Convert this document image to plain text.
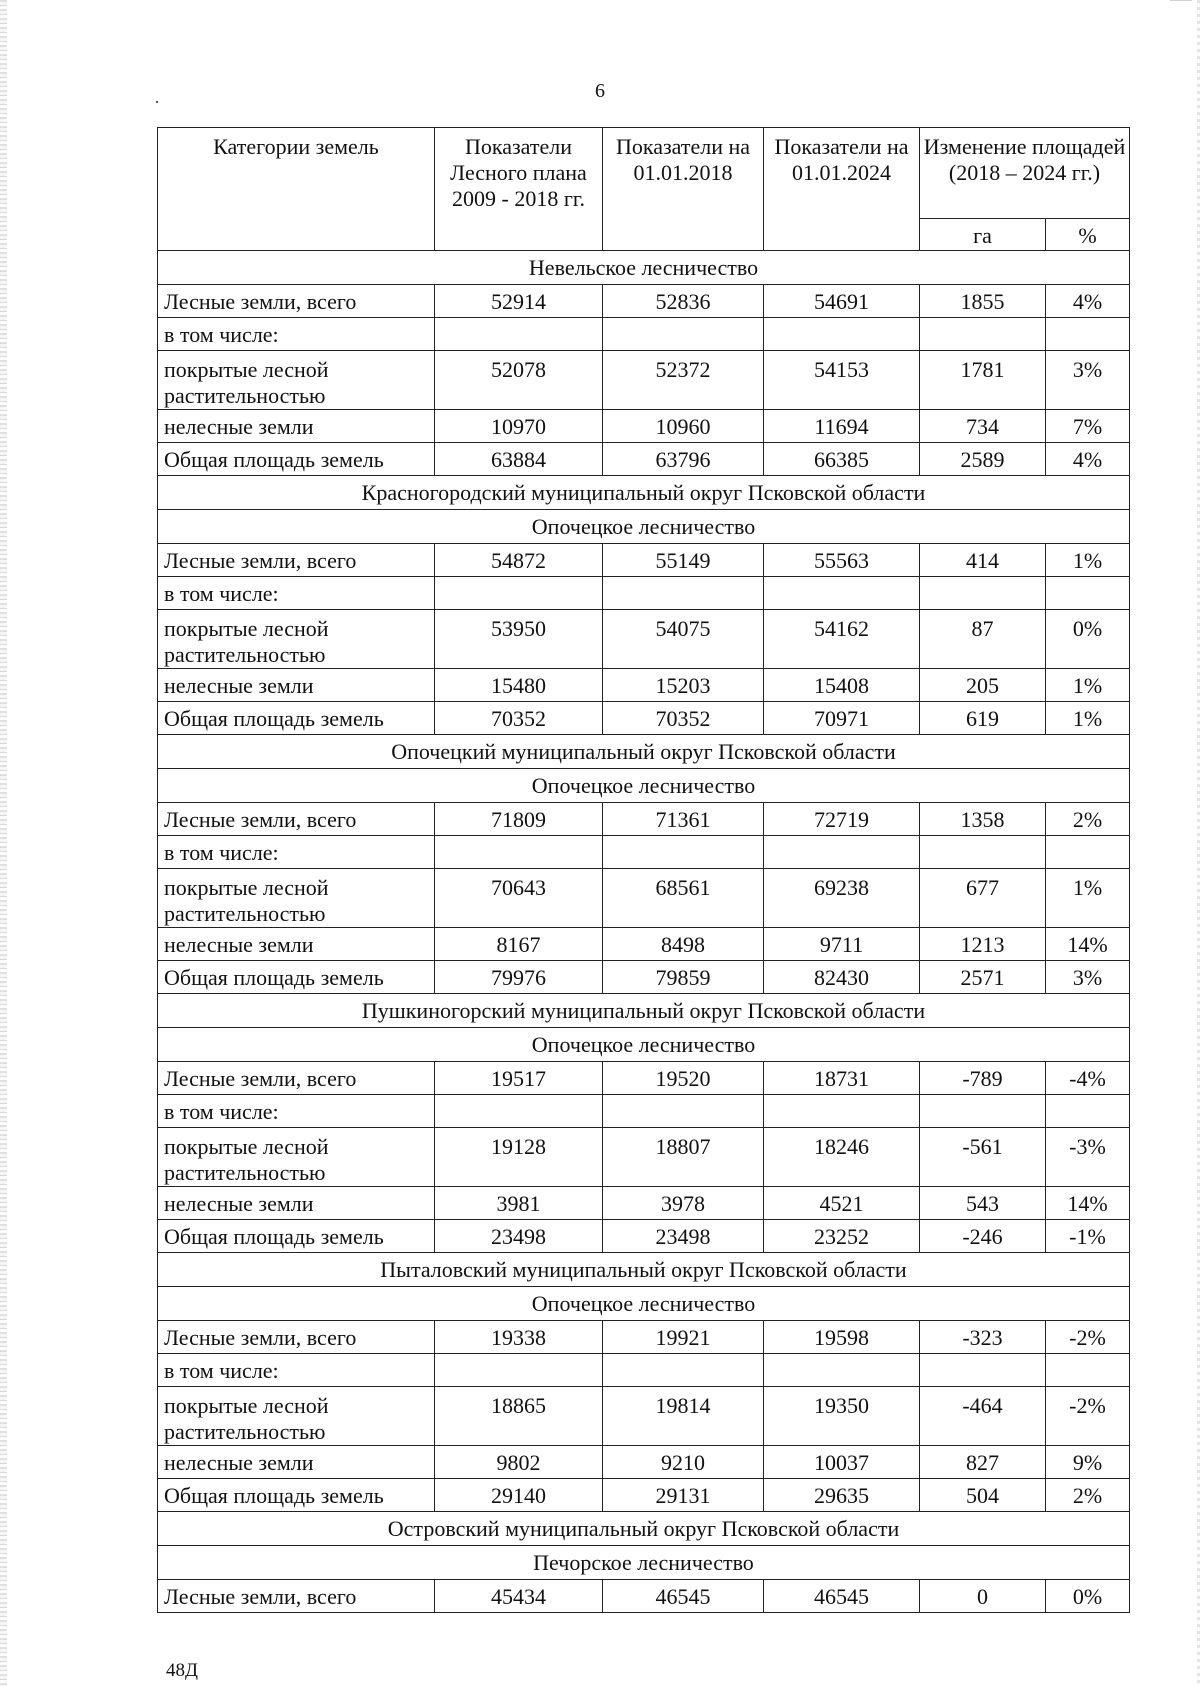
6
Категории земель	Показатели Лесного плана 2009 - 2018 гг.	Показатели на 01.01.2018	Показатели на 01.01.2024	Изменение площадей (2018 – 2024 гг.)	
				га	%
Невельское лесничество					
Лесные земли, всего	52914	52836	54691	1855	4%
в том числе:					
покрытые лесной растительностью	52078	52372	54153	1781	3%
нелесные земли	10970	10960	11694	734	7%
Общая площадь земель	63884	63796	66385	2589	4%
Красногородский муниципальный округ Псковской области					
Опочецкое лесничество					
Лесные земли, всего	54872	55149	55563	414	1%
в том числе:					
покрытые лесной растительностью	53950	54075	54162	87	0%
нелесные земли	15480	15203	15408	205	1%
Общая площадь земель	70352	70352	70971	619	1%
Опочецкий муниципальный округ Псковской области					
Опочецкое лесничество					
Лесные земли, всего	71809	71361	72719	1358	2%
в том числе:					
покрытые лесной растительностью	70643	68561	69238	677	1%
нелесные земли	8167	8498	9711	1213	14%
Общая площадь земель	79976	79859	82430	2571	3%
Пушкиногорский муниципальный округ Псковской области					
Опочецкое лесничество					
Лесные земли, всего	19517	19520	18731	-789	-4%
в том числе:					
покрытые лесной растительностью	19128	18807	18246	-561	-3%
нелесные земли	3981	3978	4521	543	14%
Общая площадь земель	23498	23498	23252	-246	-1%
Пыталовский муниципальный округ Псковской области					
Опочецкое лесничество					
Лесные земли, всего	19338	19921	19598	-323	-2%
в том числе:					
покрытые лесной растительностью	18865	19814	19350	-464	-2%
нелесные земли	9802	9210	10037	827	9%
Общая площадь земель	29140	29131	29635	504	2%
Островский муниципальный округ Псковской области					
Печорское лесничество					
Лесные земли, всего	45434	46545	46545	0	0%
48Д
